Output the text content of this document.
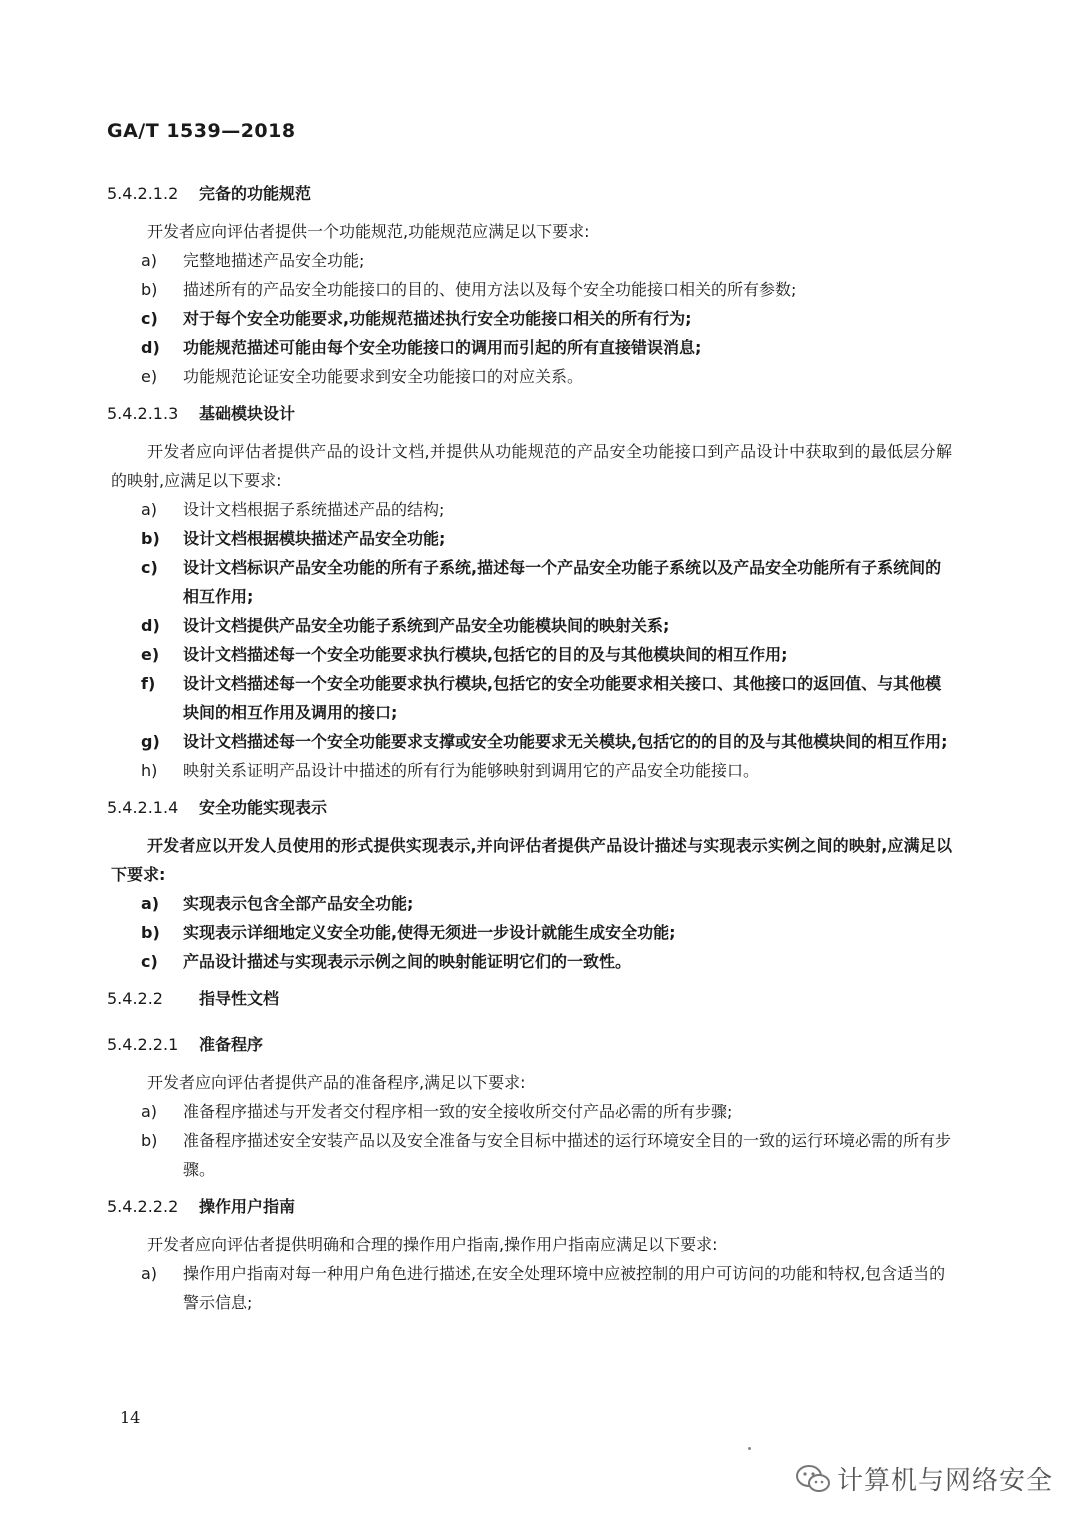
GA/T 1539—2018
5.4.2.1.2 完备的功能规范

开发者应向评估者提供一个功能规范,功能规范应满足以下要求:

a) 完整地描述产品安全功能;
b) 描述所有的产品安全功能接口的目的、使用方法以及每个安全功能接口相关的所有参数;
c) 对于每个安全功能要求,功能规范描述执行安全功能接口相关的所有行为;
d) 功能规范描述可能由每个安全功能接口的调用而引起的所有直接错误消息;
e) 功能规范论证安全功能要求到安全功能接口的对应关系。
5.4.2.1.3 基础模块设计

开发者应向评估者提供产品的设计文档,并提供从功能规范的产品安全功能接口到产品设计中获取到的最低层分解的映射,应满足以下要求:

a) 设计文档根据子系统描述产品的结构;
b) 设计文档根据模块描述产品安全功能;
c) 设计文档标识产品安全功能的所有子系统,描述每一个产品安全功能子系统以及产品安全功能所有子系统间的相互作用;
d) 设计文档提供产品安全功能子系统到产品安全功能模块间的映射关系;
e) 设计文档描述每一个安全功能要求执行模块,包括它的目的及与其他模块间的相互作用;
f) 设计文档描述每一个安全功能要求执行模块,包括它的安全功能要求相关接口、其他接口的返回值、与其他模块间的相互作用及调用的接口;
g) 设计文档描述每一个安全功能要求支撑或安全功能要求无关模块,包括它的的目的及与其他模块间的相互作用;
h) 映射关系证明产品设计中描述的所有行为能够映射到调用它的产品安全功能接口。
5.4.2.1.4 安全功能实现表示

开发者应以开发人员使用的形式提供实现表示,并向评估者提供产品设计描述与实现表示实例之间的映射,应满足以下要求:

a) 实现表示包含全部产品安全功能;
b) 实现表示详细地定义安全功能,使得无须进一步设计就能生成安全功能;
c) 产品设计描述与实现表示示例之间的映射能证明它们的一致性。
5.4.2.2 指导性文档
5.4.2.2.1 准备程序

开发者应向评估者提供产品的准备程序,满足以下要求:

a) 准备程序描述与开发者交付程序相一致的安全接收所交付产品必需的所有步骤;
b) 准备程序描述安全安装产品以及安全准备与安全目标中描述的运行环境安全目的一致的运行环境必需的所有步骤。
5.4.2.2.2 操作用户指南

开发者应向评估者提供明确和合理的操作用户指南,操作用户指南应满足以下要求:

a) 操作用户指南对每一种用户角色进行描述,在安全处理环境中应被控制的用户可访问的功能和特权,包含适当的警示信息;
14
计算机与网络安全
